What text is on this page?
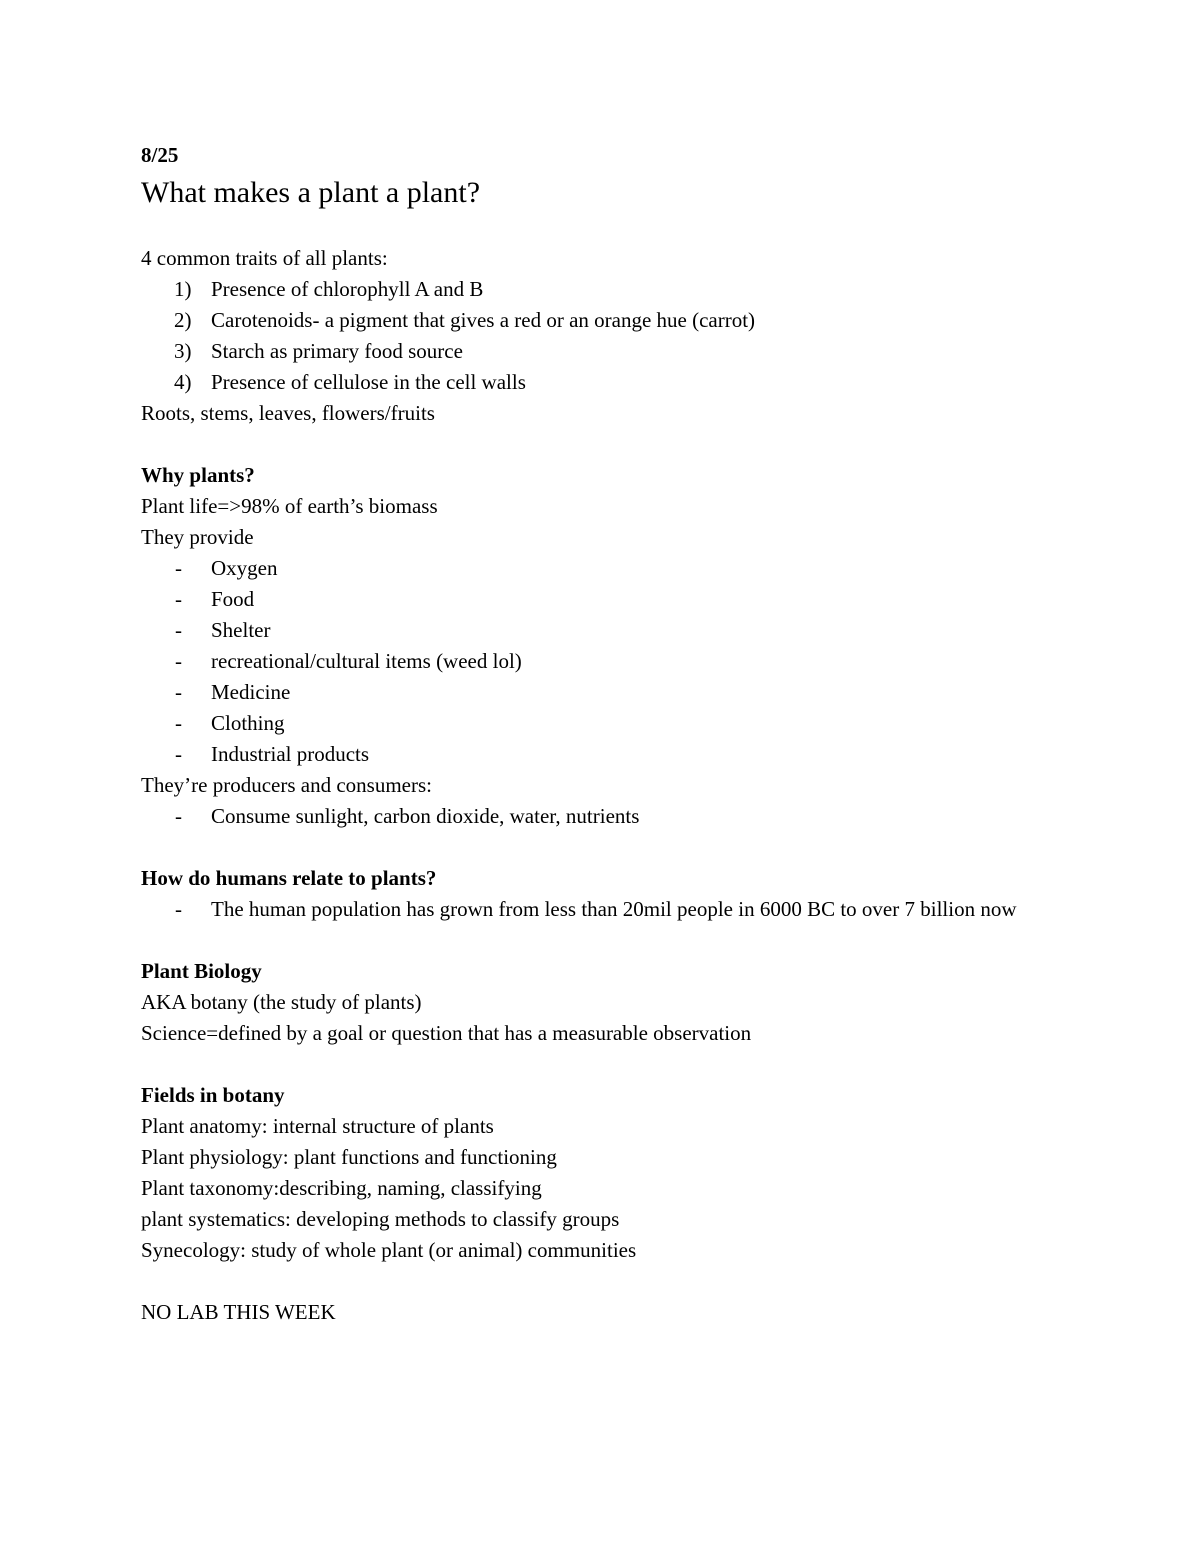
8/25
What makes a plant a plant?
4 common traits of all plants:
1) Presence of chlorophyll A and B
2) Carotenoids- a pigment that gives a red or an orange hue (carrot)
3) Starch as primary food source
4) Presence of cellulose in the cell walls
Roots, stems, leaves, flowers/fruits
Why plants?
Plant life=>98% of earth’s biomass
They provide
- Oxygen
- Food
- Shelter
- recreational/cultural items (weed lol)
- Medicine
- Clothing
- Industrial products
They’re producers and consumers:
- Consume sunlight, carbon dioxide, water, nutrients
How do humans relate to plants?
- The human population has grown from less than 20mil people in 6000 BC to over 7 billion now
Plant Biology
AKA botany (the study of plants)
Science=defined by a goal or question that has a measurable observation
Fields in botany
Plant anatomy: internal structure of plants
Plant physiology: plant functions and functioning
Plant taxonomy:describing, naming, classifying
plant systematics: developing methods to classify groups
Synecology: study of whole plant (or animal) communities
NO LAB THIS WEEK
